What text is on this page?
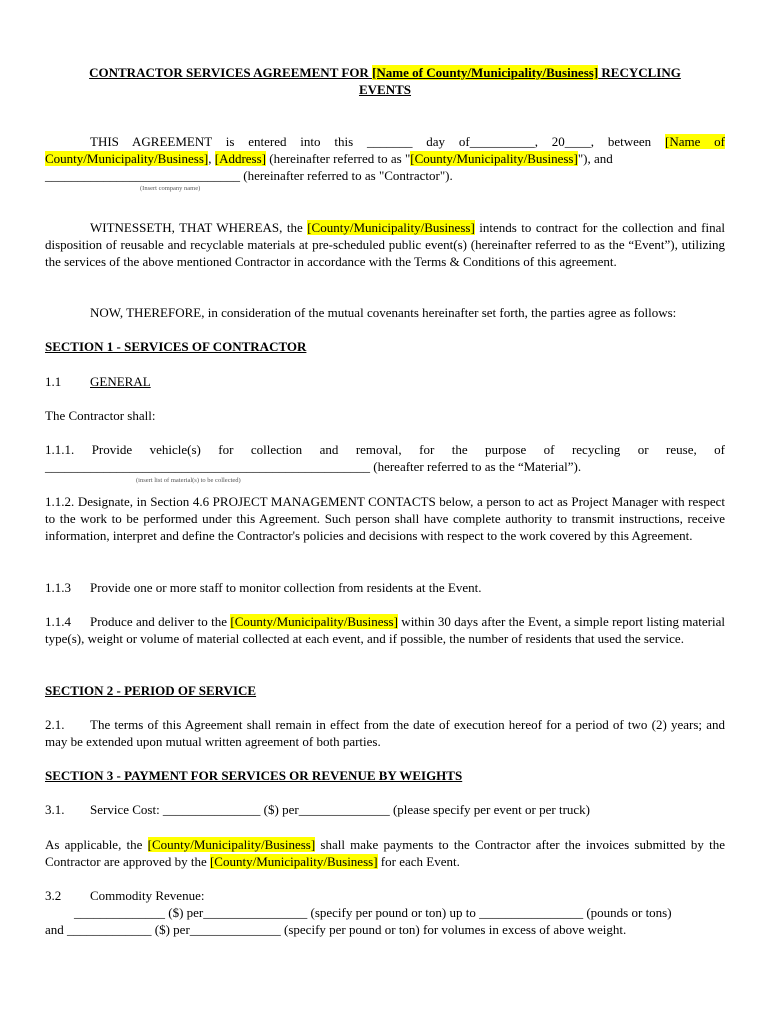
CONTRACTOR SERVICES AGREEMENT FOR [Name of County/Municipality/Business] RECYCLING
EVENTS
THIS AGREEMENT is entered into this _______ day of__________, 20____, between [Name of County/Municipality/Business], [Address] (hereinafter referred to as "[County/Municipality/Business]"), and
______________________________ (hereinafter referred to as "Contractor").
(Insert company name)
WITNESSETH, THAT WHEREAS, the [County/Municipality/Business] intends to contract for the collection and final disposition of reusable and recyclable materials at pre-scheduled public event(s) (hereinafter referred to as the “Event”), utilizing the services of the above mentioned Contractor in accordance with the Terms & Conditions of this agreement.
NOW, THEREFORE, in consideration of the mutual covenants hereinafter set forth, the parties agree as follows:
SECTION 1 - SERVICES OF CONTRACTOR
1.1 GENERAL
The Contractor shall:
1.1.1. Provide vehicle(s) for collection and removal, for the purpose of recycling or reuse, of
__________________________________________________ (hereafter referred to as the “Material”).
(insert list of material(s) to be collected)
1.1.2. Designate, in Section 4.6 PROJECT MANAGEMENT CONTACTS below, a person to act as Project Manager with respect to the work to be performed under this Agreement. Such person shall have complete authority to transmit instructions, receive information, interpret and define the Contractor's policies and decisions with respect to the work covered by this Agreement.
1.1.3 Provide one or more staff to monitor collection from residents at the Event.
1.1.4 Produce and deliver to the [County/Municipality/Business] within 30 days after the Event, a simple report listing material type(s), weight or volume of material collected at each event, and if possible, the number of residents that used the service.
SECTION 2 - PERIOD OF SERVICE
2.1. The terms of this Agreement shall remain in effect from the date of execution hereof for a period of two (2) years; and may be extended upon mutual written agreement of both parties.
SECTION 3 - PAYMENT FOR SERVICES OR REVENUE BY WEIGHTS
3.1. Service Cost: _______________ ($) per______________ (please specify per event or per truck)
As applicable, the [County/Municipality/Business] shall make payments to the Contractor after the invoices submitted by the Contractor are approved by the [County/Municipality/Business] for each Event.
3.2 Commodity Revenue:
______________ ($) per________________ (specify per pound or ton) up to ________________ (pounds or tons)
and _____________ ($) per______________ (specify per pound or ton) for volumes in excess of above weight.
